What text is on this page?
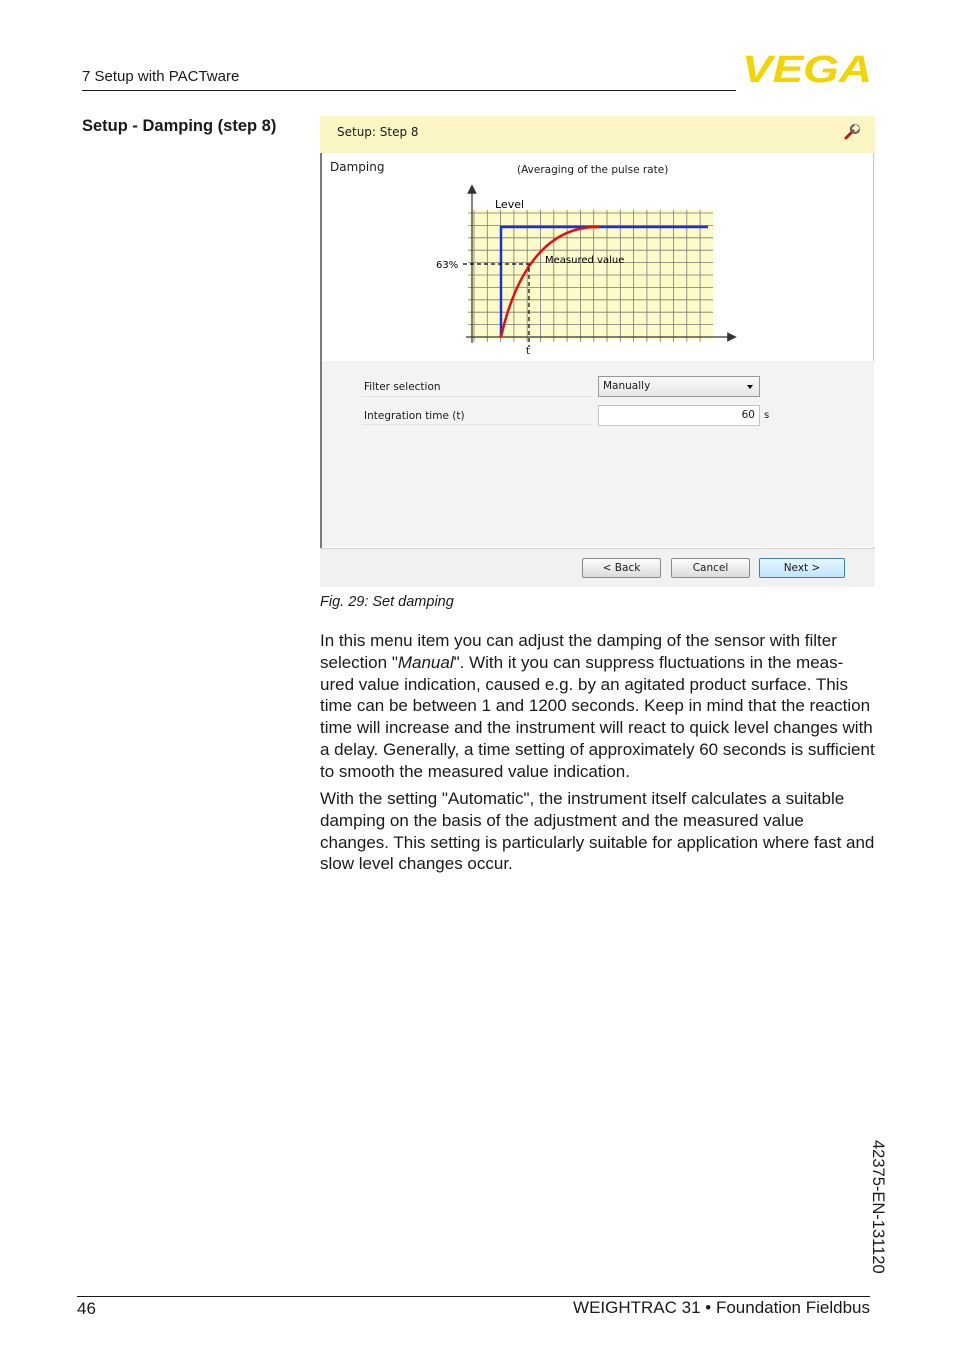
7 Setup with PACTware	VEGA
Setup - Damping (step 8)	Setup: Step 8
Damping	(Averaging of the pulse rate)
Level
63%	Measured value
t
Filter selection	Manually
Integration time (t)	60 s
< Back	Cancel	Next >
Fig. 29: Set damping
In this menu item you can adjust the damping of the sensor with filter selection "Manual". With it you can suppress fluctuations in the meas- ured value indication, caused e.g. by an agitated product surface. This time can be between 1 and 1200 seconds. Keep in mind that the reaction time will increase and the instrument will react to quick level changes with a delay. Generally, a time setting of approximately 60 seconds is sufficient to smooth the measured value indication.
With the setting "Automatic", the instrument itself calculates a suitable damping on the basis of the adjustment and the measured value changes. This setting is particularly suitable for application where fast and slow level changes occur.
42375-EN-131120
46	WEIGHTRAC 31 • Foundation Fieldbus
